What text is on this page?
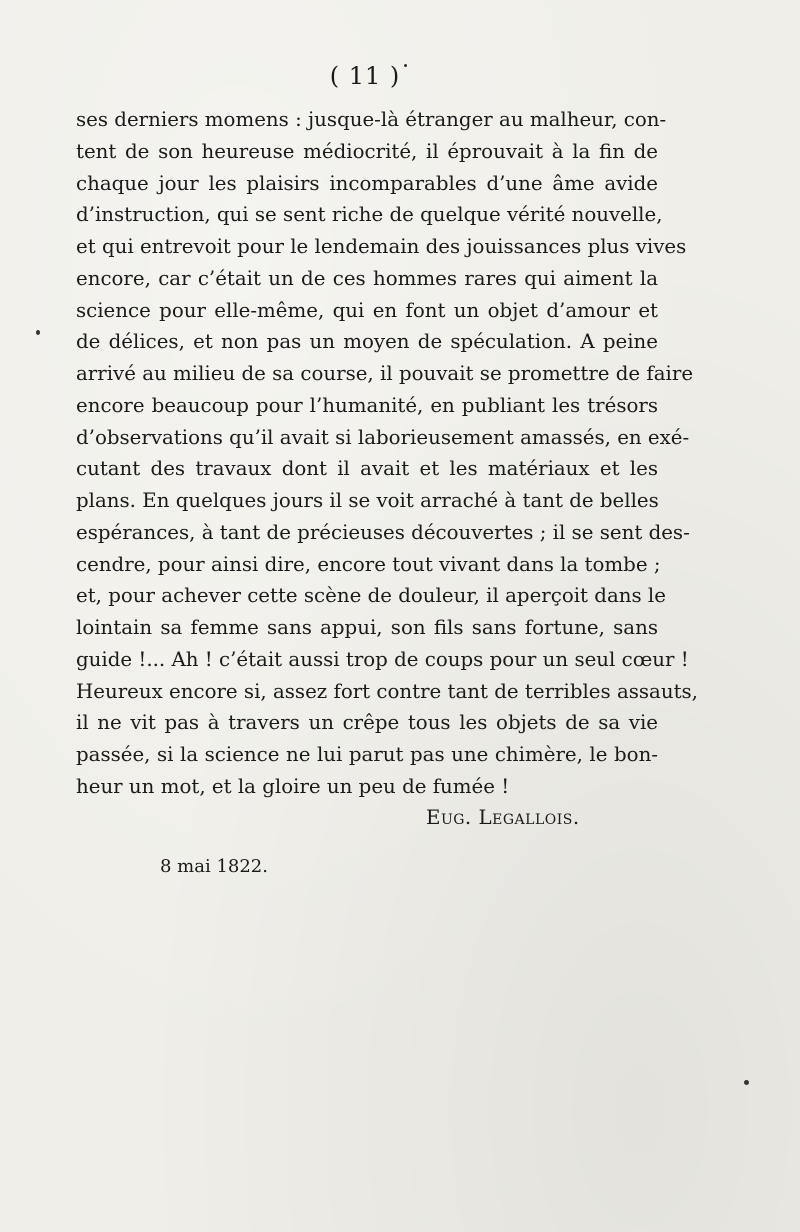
( 11 )
ses derniers momens : jusque-là étranger au malheur, con-
tent de son heureuse médiocrité, il éprouvait à la fin de
chaque jour les plaisirs incomparables d’une âme avide
d’instruction, qui se sent riche de quelque vérité nouvelle,
et qui entrevoit pour le lendemain des jouissances plus vives
encore, car c’était un de ces hommes rares qui aiment la
science pour elle-même, qui en font un objet d’amour et
de délices, et non pas un moyen de spéculation. A peine
arrivé au milieu de sa course, il pouvait se promettre de faire
encore beaucoup pour l’humanité, en publiant les trésors
d’observations qu’il avait si laborieusement amassés, en exé-
cutant des travaux dont il avait et les matériaux et les
plans. En quelques jours il se voit arraché à tant de belles
espérances, à tant de précieuses découvertes ; il se sent des-
cendre, pour ainsi dire, encore tout vivant dans la tombe ;
et, pour achever cette scène de douleur, il aperçoit dans le
lointain sa femme sans appui, son fils sans fortune, sans
guide !... Ah ! c’était aussi trop de coups pour un seul cœur !
Heureux encore si, assez fort contre tant de terribles assauts,
il ne vit pas à travers un crêpe tous les objets de sa vie
passée, si la science ne lui parut pas une chimère, le bon-
heur un mot, et la gloire un peu de fumée !
Eug. Legallois.
8 mai 1822.
